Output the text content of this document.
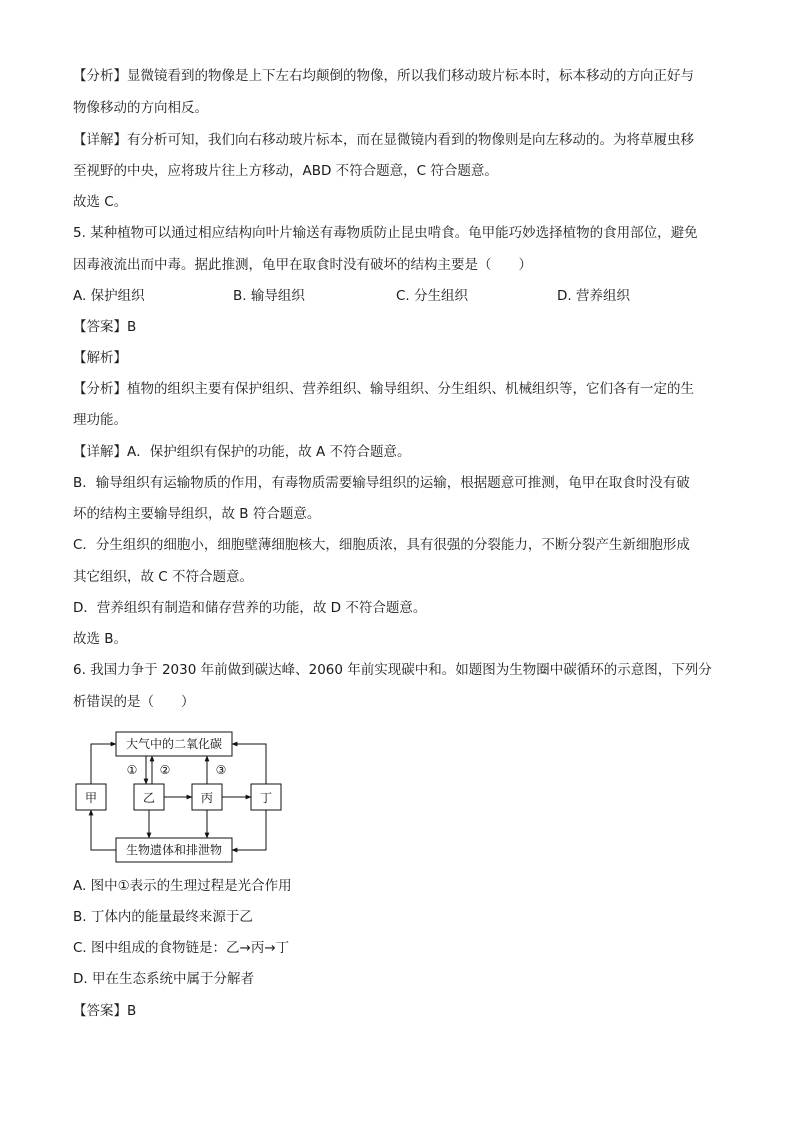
【分析】显微镜看到的物像是上下左右均颠倒的物像，所以我们移动玻片标本时，标本移动的方向正好与
物像移动的方向相反。
【详解】有分析可知，我们向右移动玻片标本，而在显微镜内看到的物像则是向左移动的。为将草履虫移
至视野的中央，应将玻片往上方移动，ABD 不符合题意，C 符合题意。
故选 C。
5. 某种植物可以通过相应结构向叶片输送有毒物质防止昆虫啃食。龟甲能巧妙选择植物的食用部位，避免
因毒液流出而中毒。据此推测，龟甲在取食时没有破坏的结构主要是（　　）
A. 保护组织	B. 输导组织	C. 分生组织	D. 营养组织
【答案】B
【解析】
【分析】植物的组织主要有保护组织、营养组织、输导组织、分生组织、机械组织等，它们各有一定的生
理功能。
【详解】A．保护组织有保护的功能，故 A 不符合题意。
B．输导组织有运输物质的作用，有毒物质需要输导组织的运输，根据题意可推测，龟甲在取食时没有破
坏的结构主要输导组织，故 B 符合题意。
C．分生组织的细胞小，细胞壁薄细胞核大，细胞质浓，具有很强的分裂能力，不断分裂产生新细胞形成
其它组织，故 C 不符合题意。
D．营养组织有制造和储存营养的功能，故 D 不符合题意。
故选 B。
6. 我国力争于 2030 年前做到碳达峰、2060 年前实现碳中和。如题图为生物圈中碳循环的示意图，下列分
析错误的是（　　）
大气中的二氧化碳
生物遗体和排泄物
甲	乙	丙	丁
① ②	③
A. 图中①表示的生理过程是光合作用
B. 丁体内的能量最终来源于乙
C. 图中组成的食物链是：乙→丙→丁
D. 甲在生态系统中属于分解者
【答案】B
